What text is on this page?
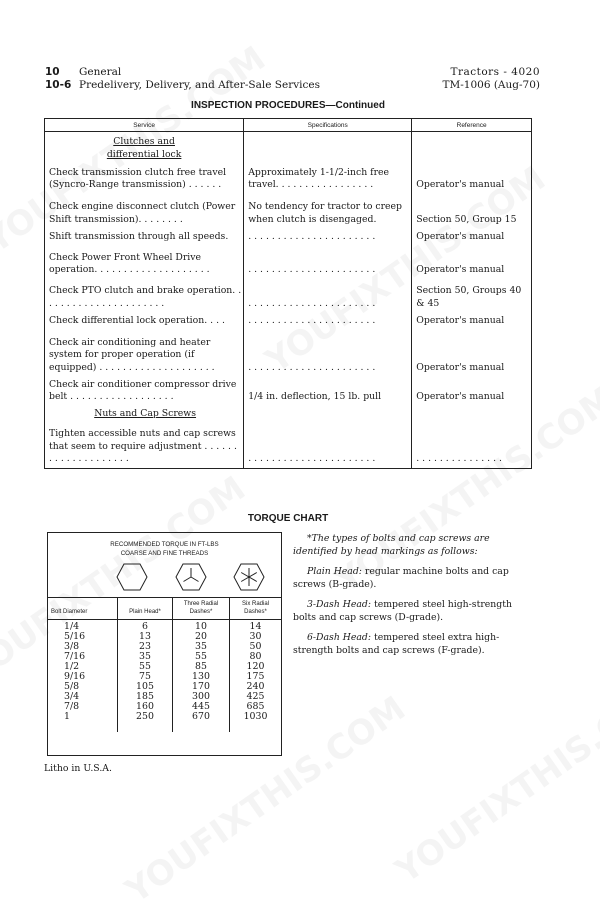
10 General
10-6 Predelivery, Delivery, and After-Sale Services
Tractors - 4020
TM-1006 (Aug-70)
INSPECTION PROCEDURES—Continued
Service	Specifications	Reference
Clutches and differential lock		
Check transmission clutch free travel (Syncro-Range transmission) . . . . . .	Approximately 1-1/2-inch free travel. . . . . . . . . . . . . . . . .	Operator's manual
Check engine disconnect clutch (Power Shift transmission). . . . . . . .	No tendency for tractor to creep when clutch is disengaged.	Section 50, Group 15
Shift transmission through all speeds.	. . . . . . . . . . . . . . . . . . . . . .	Operator's manual
Check Power Front Wheel Drive operation. . . . . . . . . . . . . . . . . . . .	. . . . . . . . . . . . . . . . . . . . . .	Operator's manual
Check PTO clutch and brake operation. . . . . . . . . . . . . . . . . . . . . .	. . . . . . . . . . . . . . . . . . . . . .	Section 50, Groups 40 & 45
Check differential lock operation. . . .	. . . . . . . . . . . . . . . . . . . . . .	Operator's manual
Check air conditioning and heater system for proper operation (if equipped) . . . . . . . . . . . . . . . . . . . .	. . . . . . . . . . . . . . . . . . . . . .	Operator's manual
Check air conditioner compressor drive belt . . . . . . . . . . . . . . . . . .	1/4 in. deflection, 15 lb. pull	Operator's manual
Nuts and Cap Screws		
Tighten accessible nuts and cap screws that seem to require adjustment . . . . . . . . . . . . . . . . . . . .	. . . . . . . . . . . . . . . . . . . . . .	. . . . . . . . . . . . . . .
TORQUE CHART
RECOMMENDED TORQUE IN FT-LBS
COARSE AND FINE THREADS
Bolt Diameter	Plain Head*	Three Radial Dashes*	Six Radial Dashes*
1/4	6	10	14
5/16	13	20	30
3/8	23	35	50
7/16	35	55	80
1/2	55	85	120
9/16	75	130	175
5/8	105	170	240
3/4	185	300	425
7/8	160	445	685
1	250	670	1030

*The types of bolts and cap screws are identified by head markings as follows:

Plain Head: regular machine bolts and cap screws (B-grade).

3-Dash Head: tempered steel high-strength bolts and cap screws (D-grade).

6-Dash Head: tempered steel extra high-strength bolts and cap screws (F-grade).

Litho in U.S.A.
